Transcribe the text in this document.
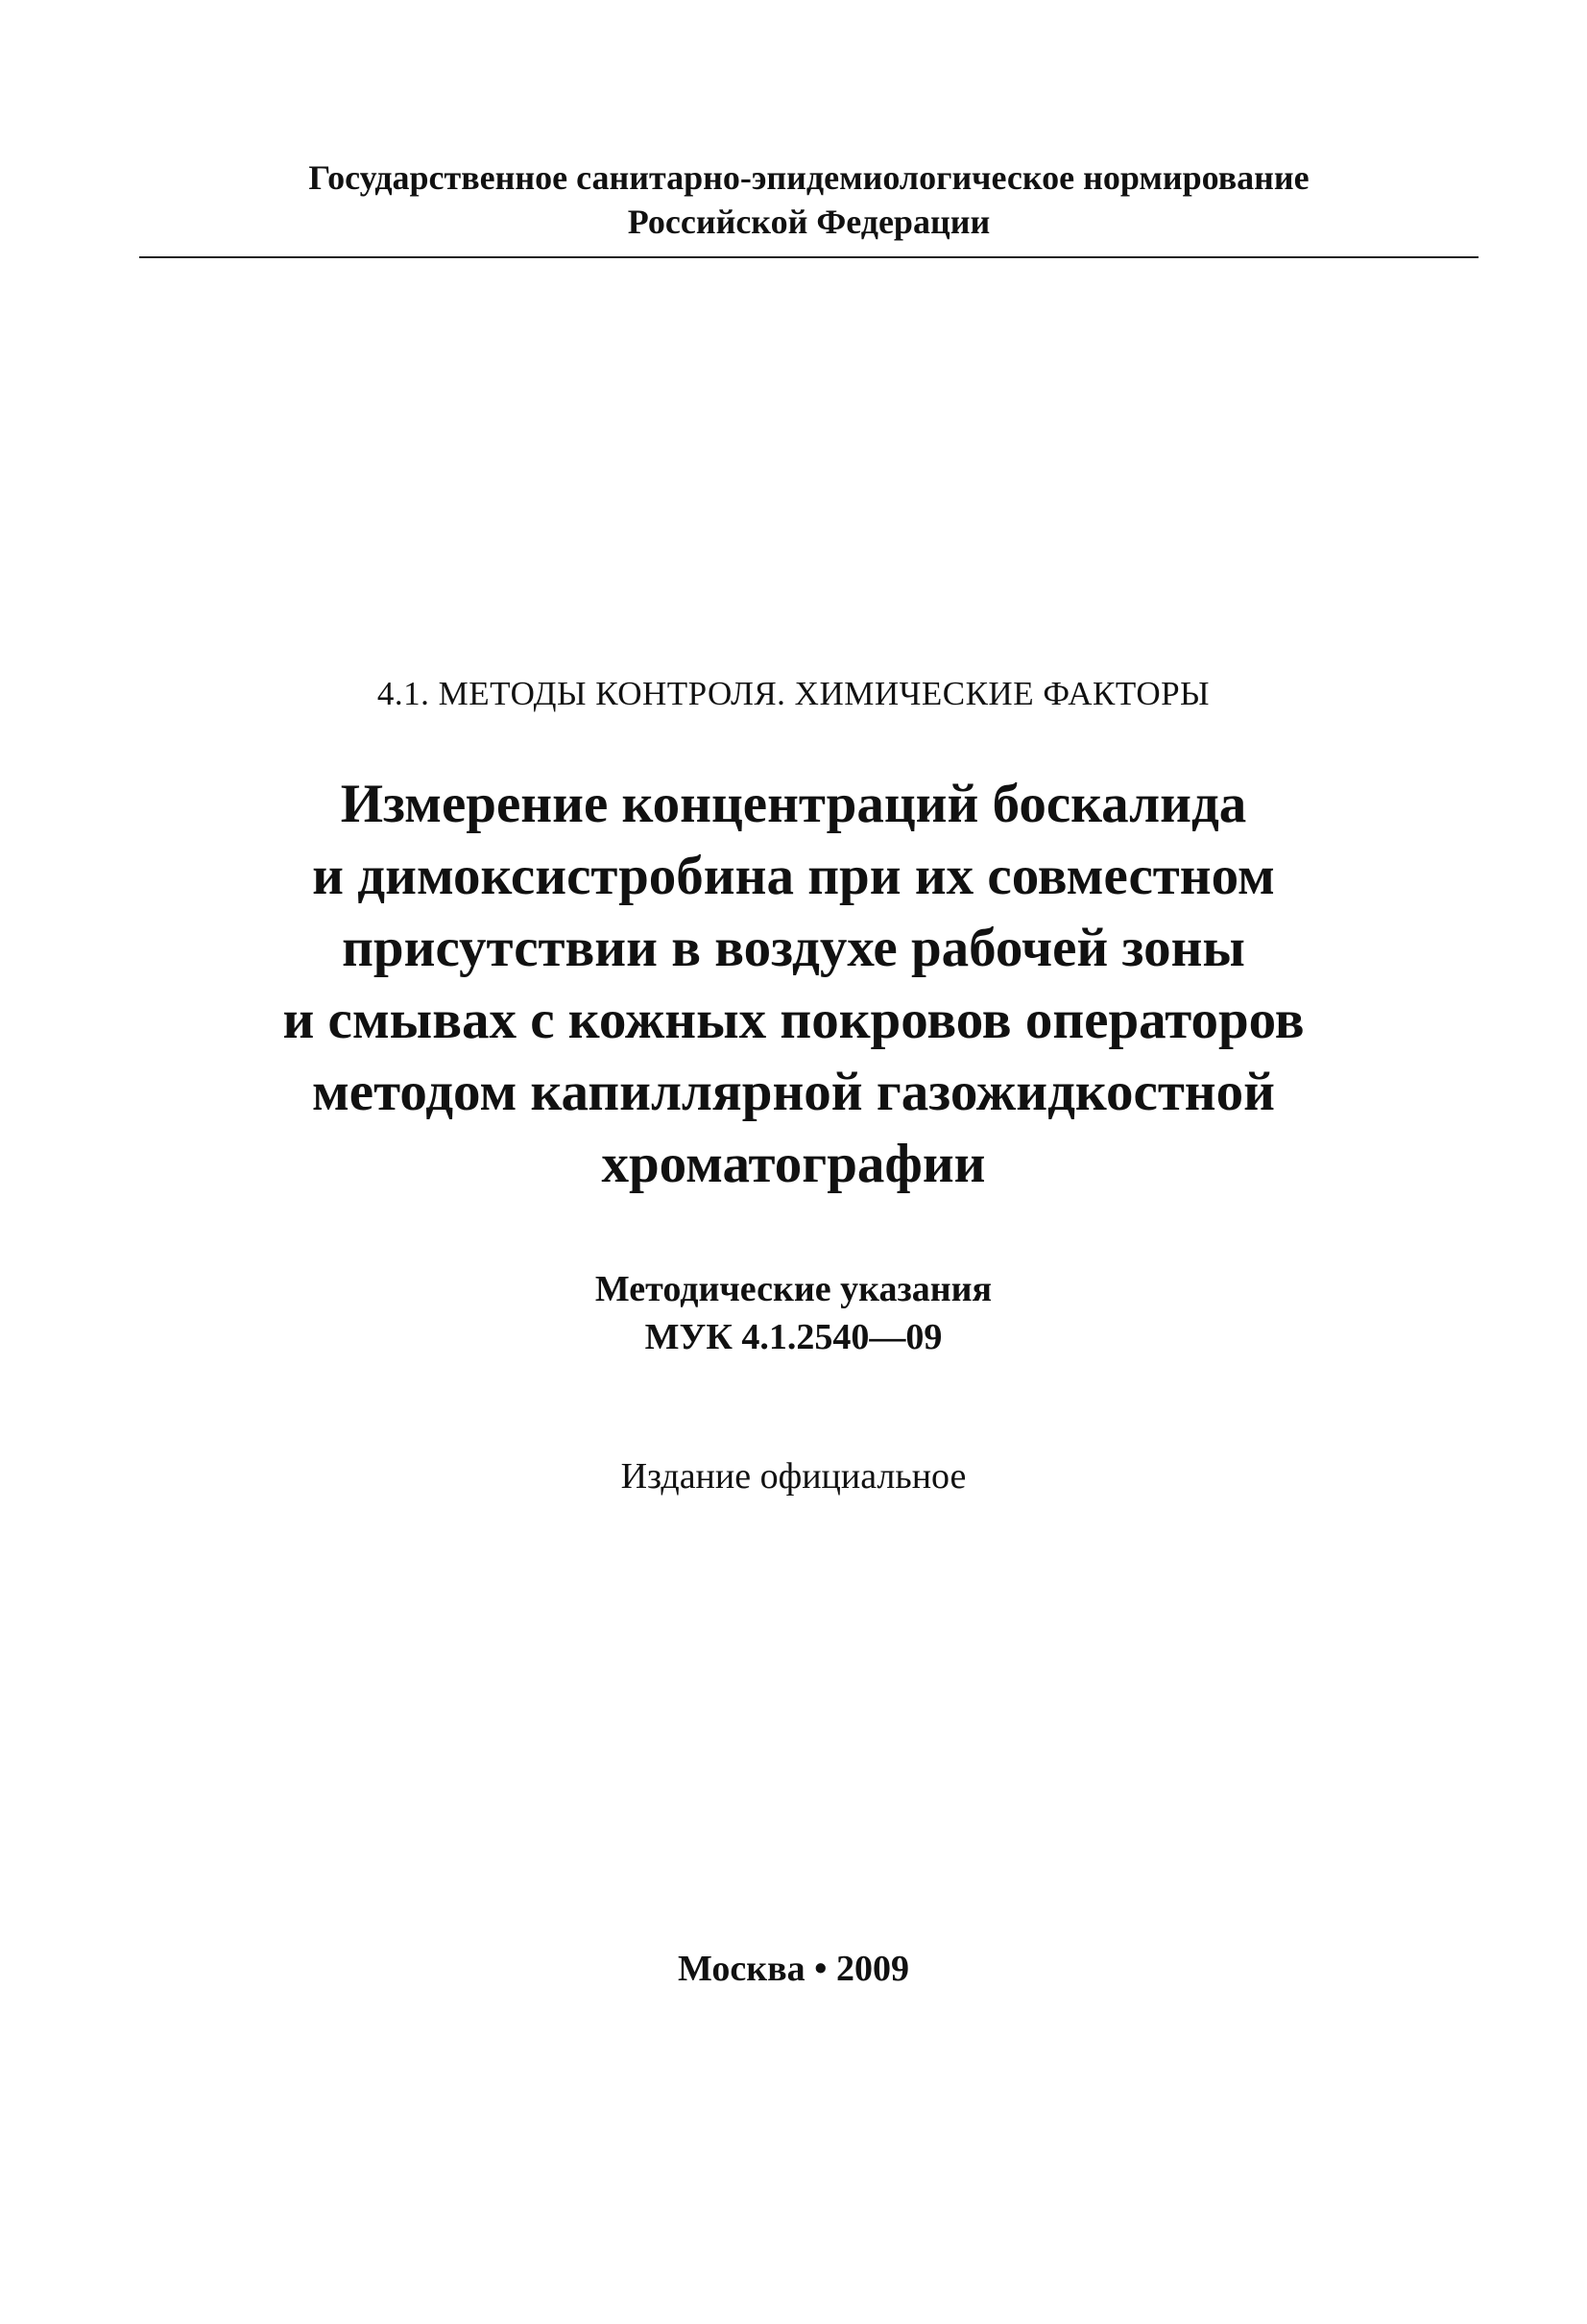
Государственное санитарно-эпидемиологическое нормирование
Российской Федерации
4.1. МЕТОДЫ КОНТРОЛЯ. ХИМИЧЕСКИЕ ФАКТОРЫ
Измерение концентраций боскалида
и димоксистробина при их совместном
присутствии в воздухе рабочей зоны
и смывах с кожных покровов операторов
методом капиллярной газожидкостной
хроматографии
Методические указания
МУК 4.1.2540—09
Издание официальное
Москва • 2009
